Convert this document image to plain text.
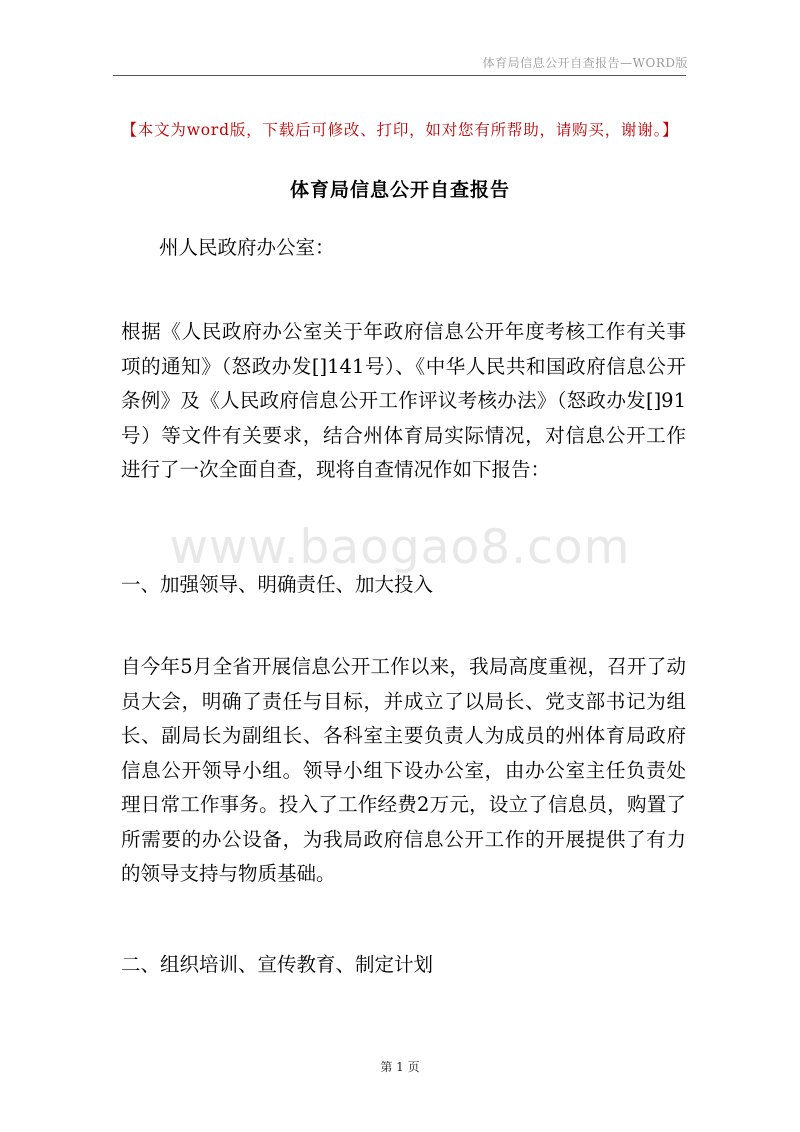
体育局信息公开自查报告—WORD版
【本文为word版，下载后可修改、打印，如对您有所帮助，请购买，谢谢。】
体育局信息公开自查报告

州人民政府办公室：

根据《人民政府办公室关于年政府信息公开年度考核工作有关事项的通知》（怒政办发[]141号）、《中华人民共和国政府信息公开条例》及《人民政府信息公开工作评议考核办法》（怒政办发[]91号）等文件有关要求，结合州体育局实际情况，对信息公开工作进行了一次全面自查，现将自查情况作如下报告：

www.baogao8.com

一、加强领导、明确责任、加大投入

自今年5月全省开展信息公开工作以来，我局高度重视，召开了动员大会，明确了责任与目标，并成立了以局长、党支部书记为组长、副局长为副组长、各科室主要负责人为成员的州体育局政府信息公开领导小组。领导小组下设办公室，由办公室主任负责处理日常工作事务。投入了工作经费2万元，设立了信息员，购置了所需要的办公设备，为我局政府信息公开工作的开展提供了有力的领导支持与物质基础。

二、组织培训、宣传教育、制定计划

第 1 页
